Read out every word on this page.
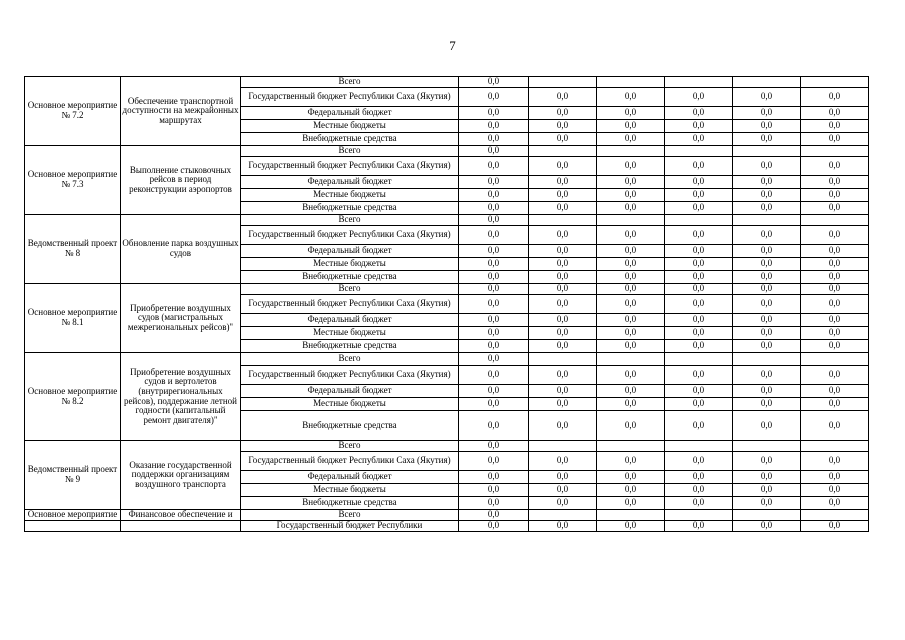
7
Основное мероприятие № 7.2	Обеспечение транспортной доступности на межрайонных маршрутах	Всего	0,0					
		Государственный бюджет Республики Саха (Якутия)	0,0	0,0	0,0	0,0	0,0	0,0
		Федеральный бюджет	0,0	0,0	0,0	0,0	0,0	0,0
		Местные бюджеты	0,0	0,0	0,0	0,0	0,0	0,0
		Внебюджетные средства	0,0	0,0	0,0	0,0	0,0	0,0
Основное мероприятие № 7.3	Выполнение стыковочных рейсов в период реконструкции аэропортов	Всего	0,0					
		Государственный бюджет Республики Саха (Якутия)	0,0	0,0	0,0	0,0	0,0	0,0
		Федеральный бюджет	0,0	0,0	0,0	0,0	0,0	0,0
		Местные бюджеты	0,0	0,0	0,0	0,0	0,0	0,0
		Внебюджетные средства	0,0	0,0	0,0	0,0	0,0	0,0
Ведомственный проект № 8	Обновление парка воздушных судов	Всего	0,0					
		Государственный бюджет Республики Саха (Якутия)	0,0	0,0	0,0	0,0	0,0	0,0
		Федеральный бюджет	0,0	0,0	0,0	0,0	0,0	0,0
		Местные бюджеты	0,0	0,0	0,0	0,0	0,0	0,0
		Внебюджетные средства	0,0	0,0	0,0	0,0	0,0	0,0
Основное мероприятие № 8.1	Приобретение воздушных судов (магистральных межрегиональных рейсов)"	Всего	0,0	0,0	0,0	0,0	0,0	0,0
		Государственный бюджет Республики Саха (Якутия)	0,0	0,0	0,0	0,0	0,0	0,0
		Федеральный бюджет	0,0	0,0	0,0	0,0	0,0	0,0
		Местные бюджеты	0,0	0,0	0,0	0,0	0,0	0,0
		Внебюджетные средства	0,0	0,0	0,0	0,0	0,0	0,0
Основное мероприятие № 8.2	Приобретение воздушных судов и вертолетов (внутрирегиональных рейсов), поддержание летной годности (капитальный ремонт двигателя)"	Всего	0,0					
		Государственный бюджет Республики Саха (Якутия)	0,0	0,0	0,0	0,0	0,0	0,0
		Федеральный бюджет	0,0	0,0	0,0	0,0	0,0	0,0
		Местные бюджеты	0,0	0,0	0,0	0,0	0,0	0,0
		Внебюджетные средства	0,0	0,0	0,0	0,0	0,0	0,0
Ведомственный проект № 9	Оказание государственной поддержки организациям воздушного транспорта	Всего	0,0					
		Государственный бюджет Республики Саха (Якутия)	0,0	0,0	0,0	0,0	0,0	0,0
		Федеральный бюджет	0,0	0,0	0,0	0,0	0,0	0,0
		Местные бюджеты	0,0	0,0	0,0	0,0	0,0	0,0
		Внебюджетные средства	0,0	0,0	0,0	0,0	0,0	0,0
Основное мероприятие	Финансовое обеспечение и	Всего	0,0					
		Государственный бюджет Республики	0,0	0,0	0,0	0,0	0,0	0,0
